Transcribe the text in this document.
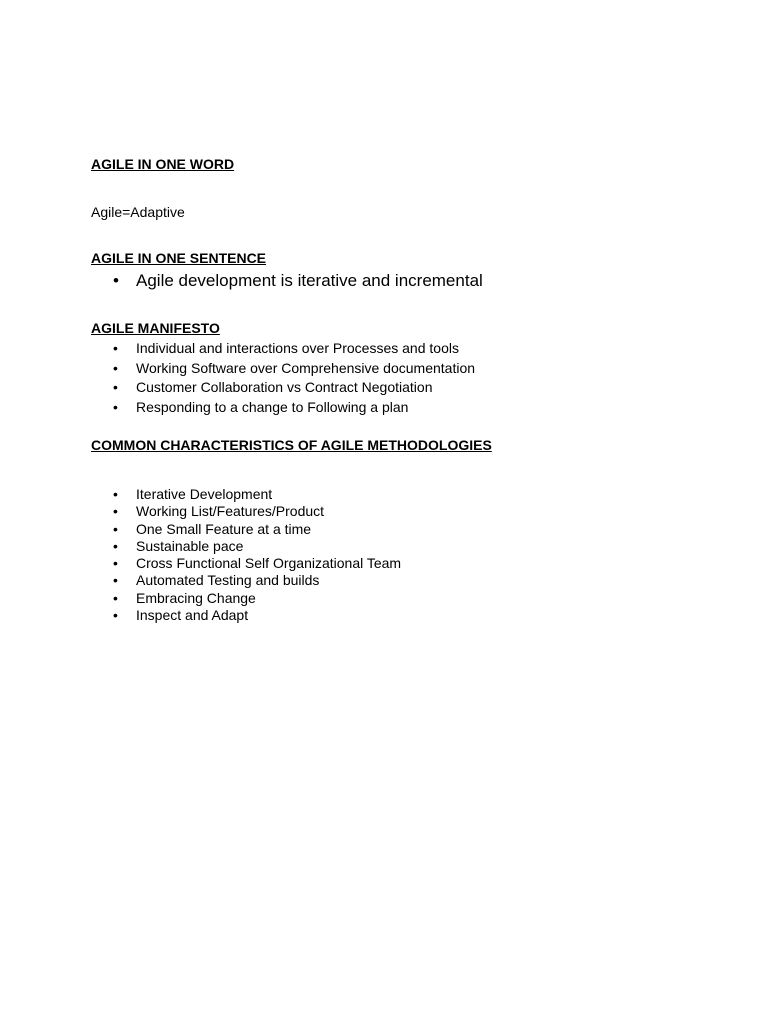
AGILE IN ONE WORD

Agile=Adaptive

AGILE IN ONE SENTENCE
• Agile development is iterative and incremental
AGILE MANIFESTO
• Individual and interactions over Processes and tools
• Working Software over Comprehensive documentation
• Customer Collaboration vs Contract Negotiation
• Responding to a change to Following a plan
COMMON CHARACTERISTICS OF AGILE METHODOLOGIES
• Iterative Development
• Working List/Features/Product
• One Small Feature at a time
• Sustainable pace
• Cross Functional Self Organizational Team
• Automated Testing and builds
• Embracing Change
• Inspect and Adapt
